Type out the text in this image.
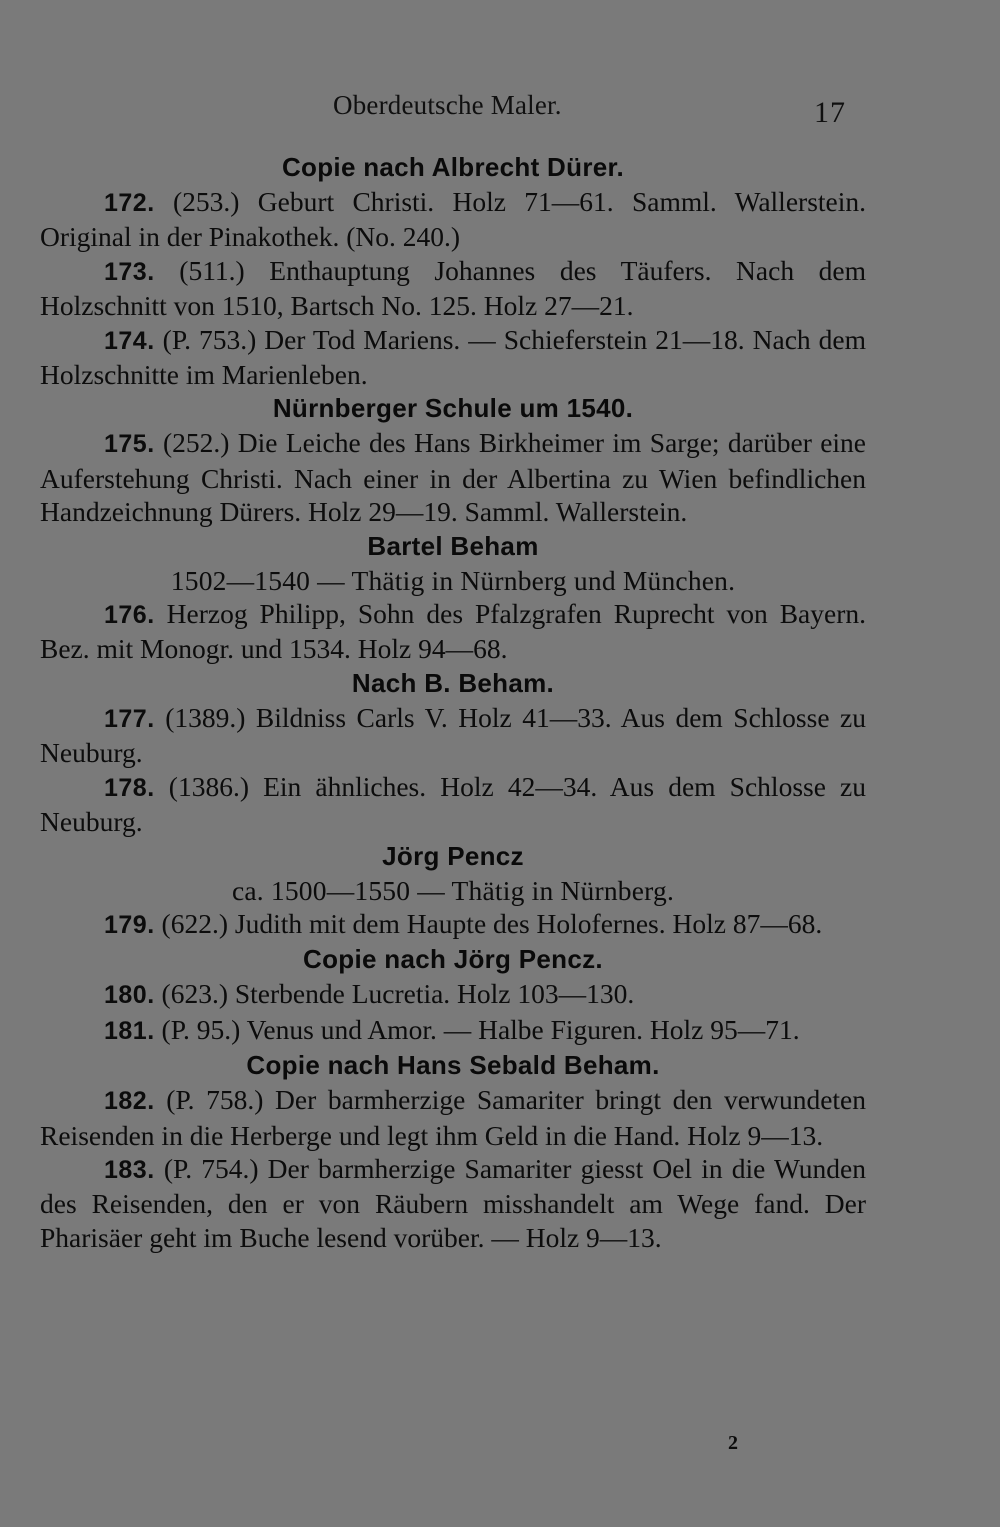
Oberdeutsche Maler.	17
Copie nach Albrecht Dürer.

172. (253.) Geburt Christi. Holz 71—61. Samml. Wallerstein. Original in der Pinakothek. (No. 240.)

173. (511.) Enthauptung Johannes des Täufers. Nach dem Holzschnitt von 1510, Bartsch No. 125. Holz 27—21.

174. (P. 753.) Der Tod Mariens. — Schieferstein 21—18. Nach dem Holzschnitte im Marienleben.

Nürnberger Schule um 1540.

175. (252.) Die Leiche des Hans Birkheimer im Sarge; darüber eine Auferstehung Christi. Nach einer in der Albertina zu Wien befindlichen Handzeichnung Dürers. Holz 29—19. Samml. Wallerstein.

Bartel Beham

1502—1540 — Thätig in Nürnberg und München.

176. Herzog Philipp, Sohn des Pfalzgrafen Ruprecht von Bayern. Bez. mit Monogr. und 1534. Holz 94—68.

Nach B. Beham.

177. (1389.) Bildniss Carls V. Holz 41—33. Aus dem Schlosse zu Neuburg.

178. (1386.) Ein ähnliches. Holz 42—34. Aus dem Schlosse zu Neuburg.

Jörg Pencz

ca. 1500—1550 — Thätig in Nürnberg.

179. (622.) Judith mit dem Haupte des Holofernes. Holz 87—68.

Copie nach Jörg Pencz.

180. (623.) Sterbende Lucretia. Holz 103—130.

181. (P. 95.) Venus und Amor. — Halbe Figuren. Holz 95—71.

Copie nach Hans Sebald Beham.

182. (P. 758.) Der barmherzige Samariter bringt den verwundeten Reisenden in die Herberge und legt ihm Geld in die Hand. Holz 9—13.

183. (P. 754.) Der barmherzige Samariter giesst Oel in die Wunden des Reisenden, den er von Räubern misshandelt am Wege fand. Der Pharisäer geht im Buche lesend vorüber. — Holz 9—13.

2
